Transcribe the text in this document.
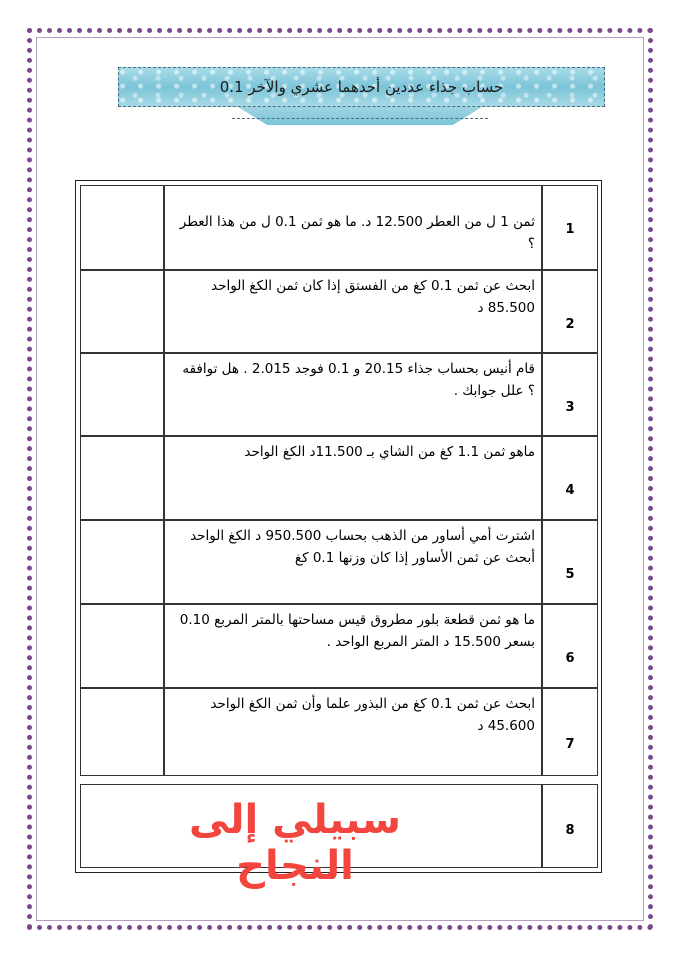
حساب جذاء عددين أحدهما عشري والآخر 0.1
1
ثمن 1 ل من العطر 12.500 د. ما هو ثمن 0.1 ل من هذا العطر ؟
2
ابحث عن ثمن 0.1 كغ من الفستق إذا كان ثمن الكغ الواحد 85.500 د
3
قام أنيس بحساب جذاء 20.15 و 0.1 فوجد 2.015 . هل توافقه ؟ علل جوابك .
4
ماهو ثمن 1.1 كغ من الشاي بـ 11.500د الكغ الواحد
5
اشترت أمي أساور من الذهب بحساب 950.500 د الكغ الواحد أبحث عن ثمن الأساور إذا كان وزنها 0.1 كغ
6
ما هو ثمن قطعة بلور مطروق قيس مساحتها بالمتر المربع 0.10 بسعر 15.500 د المتر المربع الواحد .
7
ابحث عن ثمن 0.1 كغ من البذور علما وأن ثمن الكغ الواحد 45.600 د
8
سبيلي إلى النجاح
